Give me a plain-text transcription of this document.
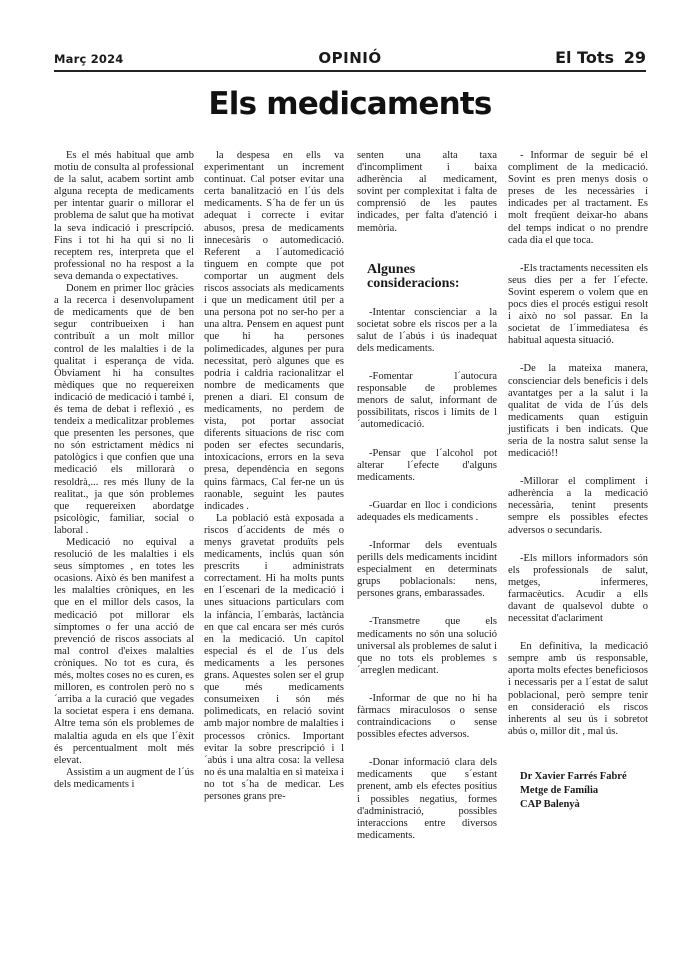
Març 2024	OPINIÓ	El Tots 29
Els medicaments

Es el més habitual que amb motiu de consulta al professional de la salut, acabem sortint amb alguna recepta de medicaments per intentar guarir o millorar el problema de salut que ha motivat la seva indicació i prescripció. Fins i tot hi ha qui si no li receptem res, interpreta que el professional no ha respost a la seva demanda o expectatives.

Donem en primer lloc gràcies a la recerca i desenvolupament de medicaments que de ben segur contribueixen i han contribuït a un molt millor control de les malalties i de la qualitat i esperança de vida. Òbviament hi ha consultes mèdiques que no requereixen indicació de medicació i també i, és tema de debat i reflexió , es tendeix a medicalitzar problemes que presenten les persones, que no són estrictament mèdics ni patològics i que confien que una medicació els millorarà o resoldrà,... res més lluny de la realitat., ja que són problemes que requereixen abordatge psicològic, familiar, social o laboral .

Medicació no equival a resolució de les malalties i els seus símptomes , en totes les ocasions. Això és ben manifest a les malalties cròniques, en les que en el millor dels casos, la medicació pot millorar els símptomes o fer una acció de prevenció de riscos associats al mal control d'eixes malalties cròniques. No tot es cura, és més, moltes coses no es curen, es milloren, es controlen però no s´arriba a la curació que vegades la societat espera i ens demana. Altre tema són els problemes de malaltia aguda en els que l´èxit és percentualment molt més elevat.

Assistim a un augment de l´ús dels medicaments i

la despesa en ells va experimentant un increment continuat. Cal potser evitar una certa banalització en l´ús dels medicaments. S´ha de fer un ús adequat i correcte i evitar abusos, presa de medicaments innecesàris o automedicació. Referent a l´automedicació tinguem en compte que pot comportar un augment dels riscos associats als medicaments i que un medicament útil per a una persona pot no ser-ho per a una altra. Pensem en aquest punt que hi ha persones polimedicades, algunes per pura necessitat, però algunes que es podria i caldria racionalitzar el nombre de medicaments que prenen a diari. El consum de medicaments, no perdem de vista, pot portar associat diferents situacions de risc com poden ser efectes secundaris, intoxicacions, errors en la seva presa, dependència en segons quins fàrmacs, Cal fer-ne un ús raonable, seguint les pautes indicades .

La població està exposada a riscos d´accidents de més o menys gravetat produïts pels medicaments, inclús quan són prescrits i administrats correctament. Hi ha molts punts en l´escenari de la medicació i unes situacions particulars com la infància, l´embaràs, lactància en que cal encara ser més curós en la medicació. Un capítol especial és el de l´us dels medicaments a les persones grans. Aquestes solen ser el grup que més medicaments consumeixen i són més polimedicats, en relació sovint amb major nombre de malalties i processos crònics. Important evitar la sobre prescripció i l´abús i una altra cosa: la vellesa no és una malaltia en si mateixa i no tot s´ha de medicar. Les persones grans pre-

senten una alta taxa d'incompliment i baixa adherència al medicament, sovint per complexitat i falta de comprensió de les pautes indicades, per falta d'atenció i memòria.

Algunes consideracions:

-Intentar conscienciar a la societat sobre els riscos per a la salut de l´abús i ús inadequat dels medicaments.

-Fomentar l´autocura responsable de problemes menors de salut, informant de possibilitats, riscos i límits de l´automedicació.

-Pensar que l´alcohol pot alterar l´efecte d'alguns medicaments.

-Guardar en lloc i condicions adequades els medicaments .

-Informar dels eventuals perills dels medicaments incidint especialment en determinats grups poblacionals: nens, persones grans, embarassades.

-Transmetre que els medicaments no són una solució universal als problemes de salut i que no tots els problemes s´arreglen medicant.

-Informar de que no hi ha fàrmacs miraculosos o sense contraindicacions o sense possibles efectes adversos.

-Donar informació clara dels medicaments que s´estant prenent, amb els efectes positius i possibles negatius, formes d'administració, possibles interaccions entre diversos medicaments.

- Informar de seguir bé el compliment de la medicació. Sovint es pren menys dosis o preses de les necessàries i indicades per al tractament. Es molt freqüent deixar-ho abans del temps indicat o no prendre cada dia el que toca.

-Els tractaments necessiten els seus dies per a fer l´efecte. Sovint esperem o volem que en pocs dies el procés estigui resolt i això no sol passar. En la societat de l´immediatesa és habitual aquesta situació.

-De la mateixa manera, conscienciar dels beneficis i dels avantatges per a la salut i la qualitat de vida de l´ús dels medicaments quan estiguin justificats i ben indicats. Que seria de la nostra salut sense la medicació!!

-Millorar el compliment i adherència a la medicació necessària, tenint presents sempre els possibles efectes adversos o secundaris.

-Els millors informadors són els professionals de salut, metges, infermeres, farmacèutics. Acudir a ells davant de qualsevol dubte o necessitat d'aclariment

En definitiva, la medicació sempre amb ús responsable, aporta molts efectes beneficiosos i necessaris per a l´estat de salut poblacional, però sempre tenir en consideració els riscos inherents al seu ús i sobretot abús o, millor dit , mal ús.

Dr Xavier Farrés Fabré
Metge de Família
CAP Balenyà
